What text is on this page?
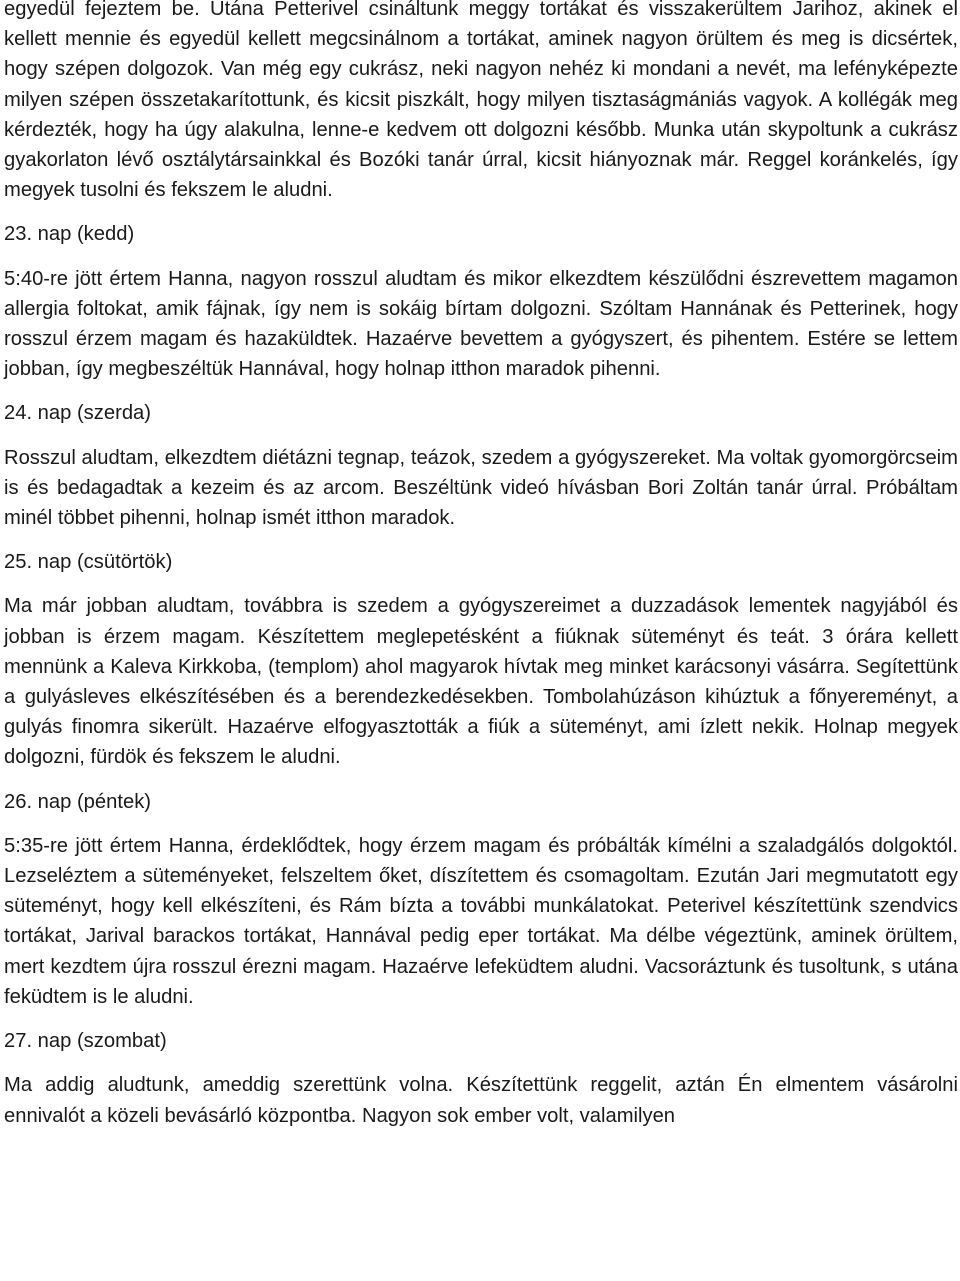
egyedül fejeztem be. Utána Petterivel csináltunk meggy tortákat és visszakerültem Jarihoz, akinek el kellett mennie és egyedül kellett megcsinálnom a tortákat, aminek nagyon örültem és meg is dicsértek, hogy szépen dolgozok. Van még egy cukrász, neki nagyon nehéz ki mondani a nevét, ma lefényképezte milyen szépen összetakarítottunk, és kicsit piszkált, hogy milyen tisztaságmániás vagyok. A kollégák meg kérdezték, hogy ha úgy alakulna, lenne-e kedvem ott dolgozni később. Munka után skypoltunk a cukrász gyakorlaton lévő osztálytársainkkal és Bozóki tanár úrral, kicsit hiányoznak már. Reggel koránkelés, így megyek tusolni és fekszem le aludni.

23. nap (kedd)

5:40-re jött értem Hanna, nagyon rosszul aludtam és mikor elkezdtem készülődni észrevettem magamon allergia foltokat, amik fájnak, így nem is sokáig bírtam dolgozni. Szóltam Hannának és Petterinek, hogy rosszul érzem magam és hazaküldtek. Hazaérve bevettem a gyógyszert, és pihentem. Estére se lettem jobban, így megbeszéltük Hannával, hogy holnap itthon maradok pihenni.

24. nap (szerda)

Rosszul aludtam, elkezdtem diétázni tegnap, teázok, szedem a gyógyszereket. Ma voltak gyomorgörcseim is és bedagadtak a kezeim és az arcom. Beszéltünk videó hívásban Bori Zoltán tanár úrral. Próbáltam minél többet pihenni, holnap ismét itthon maradok.

25. nap (csütörtök)

Ma már jobban aludtam, továbbra is szedem a gyógyszereimet a duzzadások lementek nagyjából és jobban is érzem magam. Készítettem meglepetésként a fiúknak süteményt és teát. 3 órára kellett mennünk a Kaleva Kirkkoba, (templom) ahol magyarok hívtak meg minket karácsonyi vásárra. Segítettünk a gulyásleves elkészítésében és a berendezkedésekben. Tombolahúzáson kihúztuk a főnyereményt, a gulyás finomra sikerült. Hazaérve elfogyasztották a fiúk a süteményt, ami ízlett nekik. Holnap megyek dolgozni, fürdök és fekszem le aludni.

26. nap (péntek)

5:35-re jött értem Hanna, érdeklődtek, hogy érzem magam és próbálták kímélni a szaladgálós dolgoktól. Lezseléztem a süteményeket, felszeltem őket, díszítettem és csomagoltam. Ezután Jari megmutatott egy süteményt, hogy kell elkészíteni, és Rám bízta a további munkálatokat. Peterivel készítettünk szendvics tortákat, Jarival barackos tortákat, Hannával pedig eper tortákat. Ma délbe végeztünk, aminek örültem, mert kezdtem újra rosszul érezni magam. Hazaérve lefeküdtem aludni. Vacsoráztunk és tusoltunk, s utána feküdtem is le aludni.

27. nap (szombat)

Ma addig aludtunk, ameddig szerettünk volna. Készítettünk reggelit, aztán Én elmentem vásárolni ennivalót a közeli bevásárló központba. Nagyon sok ember volt, valamilyen
